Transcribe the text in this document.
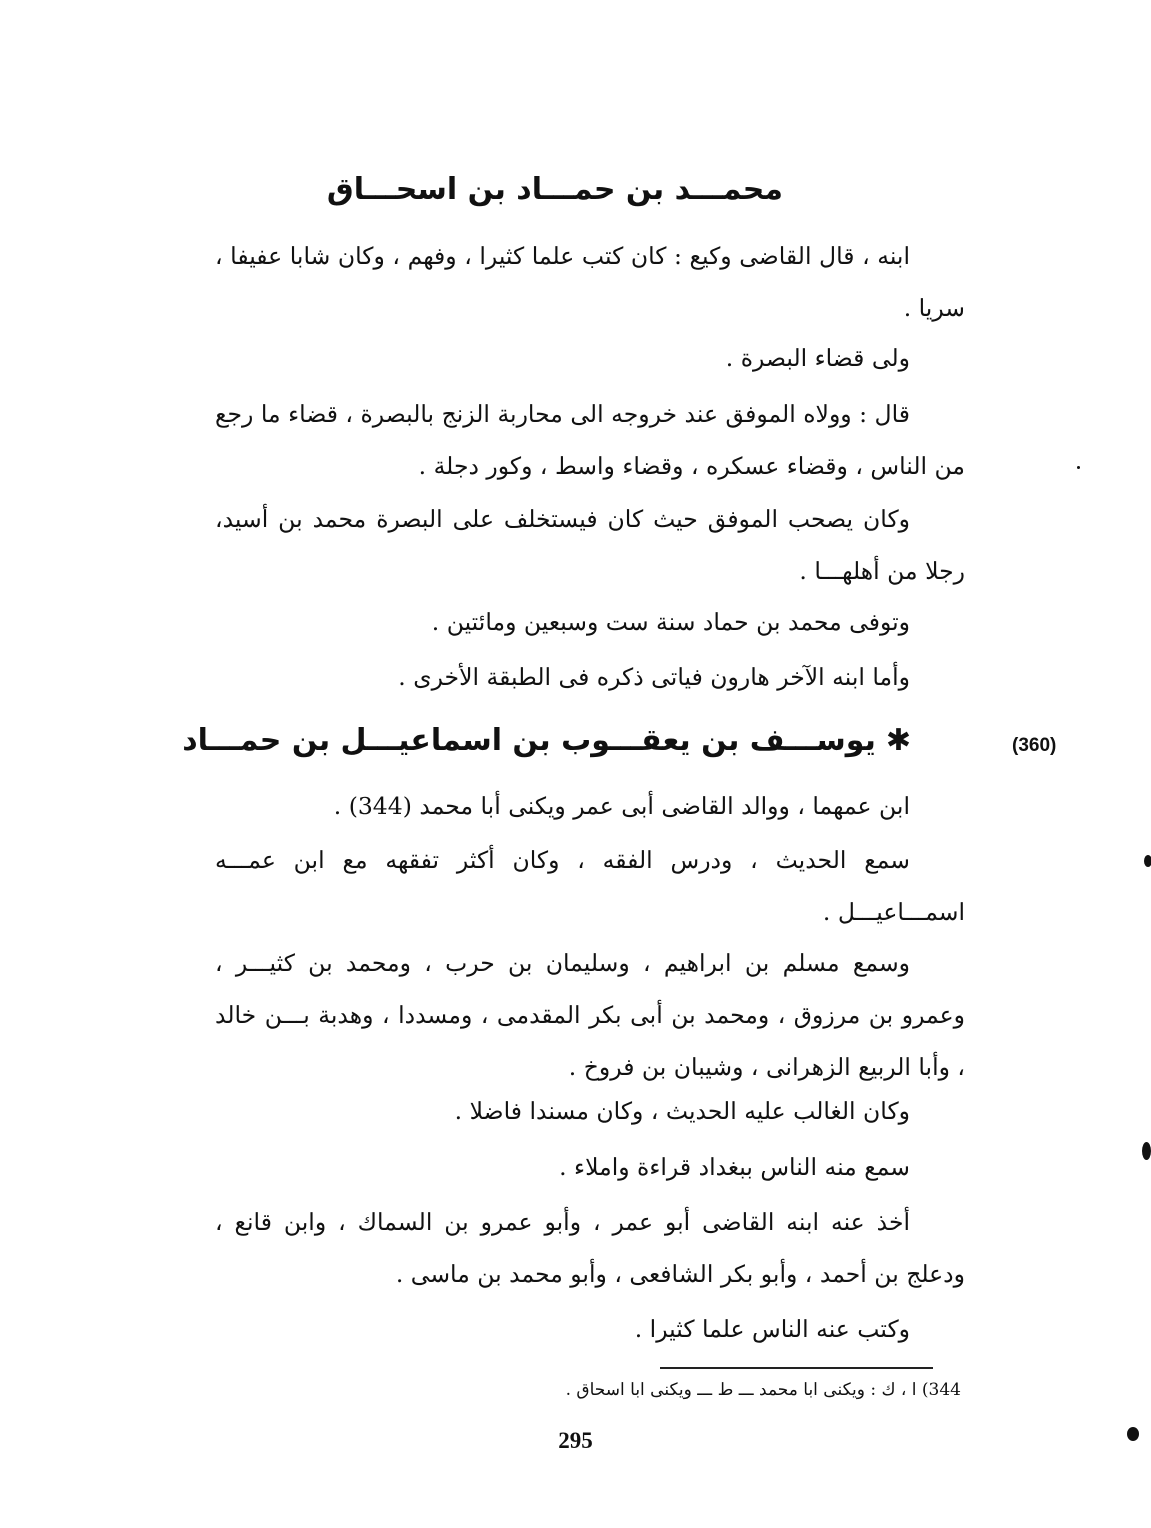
محمـــد بن حمـــاد بن اسحـــاق
ابنه ، قال القاضى وكيع : كان كتب علما كثيرا ، وفهم ، وكان شابا عفيفا ، سريا .
ولى قضاء البصرة .
قال : وولاه الموفق عند خروجه الى محاربة الزنج بالبصرة ، قضاء ما رجع من الناس ، وقضاء عسكره ، وقضاء واسط ، وكور دجلة .
وكان يصحب الموفق حيث كان فيستخلف على البصرة محمد بن أسيد، رجلا من أهلهـــا .
وتوفى محمد بن حماد سنة ست وسبعين ومائتين .
وأما ابنه الآخر هارون فياتى ذكره فى الطبقة الأخرى .
(360)
✱يوســـف بن يعقـــوب بن اسماعيـــل بن حمـــاد
ابن عمهما ، ووالد القاضى أبى عمر ويكنى أبا محمد (344) .
سمع الحديث ، ودرس الفقه ، وكان أكثر تفقهه مع ابن عمـــه اسمـــاعيـــل .
وسمع مسلم بن ابراهيم ، وسليمان بن حرب ، ومحمد بن كثيـــر ، وعمرو بن مرزوق ، ومحمد بن أبى بكر المقدمى ، ومسددا ، وهدبة بـــن خالد ، وأبا الربيع الزهرانى ، وشيبان بن فروخ .
وكان الغالب عليه الحديث ، وكان مسندا فاضلا .
سمع منه الناس ببغداد قراءة واملاء .
أخذ عنه ابنه القاضى أبو عمر ، وأبو عمرو بن السماك ، وابن قانع ، ودعلج بن أحمد ، وأبو بكر الشافعى ، وأبو محمد بن ماسى .
وكتب عنه الناس علما كثيرا .
344) ا ، ك : ويكنى ابا محمد ـــ ط ـــ ويكنى ابا اسحاق .
295
